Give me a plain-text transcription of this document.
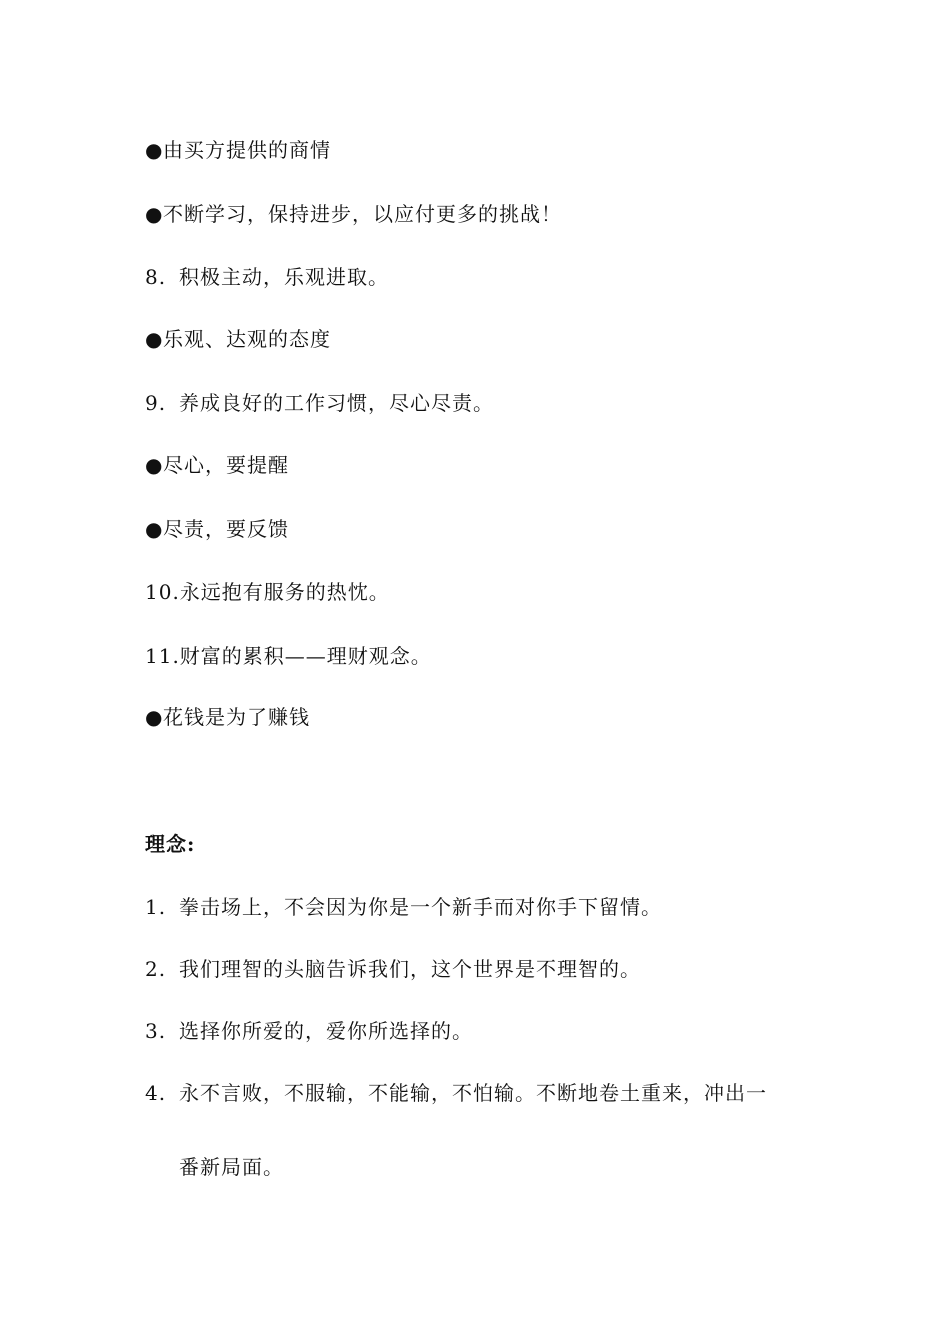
●由买方提供的商情
●不断学习，保持进步，以应付更多的挑战！
8. 积极主动，乐观进取。
●乐观、达观的态度
9. 养成良好的工作习惯，尽心尽责。
●尽心，要提醒
●尽责，要反馈
10.永远抱有服务的热忱。
11.财富的累积——理财观念。
●花钱是为了赚钱
理念:
1. 拳击场上，不会因为你是一个新手而对你手下留情。
2. 我们理智的头脑告诉我们，这个世界是不理智的。
3. 选择你所爱的，爱你所选择的。
4. 永不言败，不服输，不能输，不怕输。不断地卷土重来，冲出一
番新局面。
